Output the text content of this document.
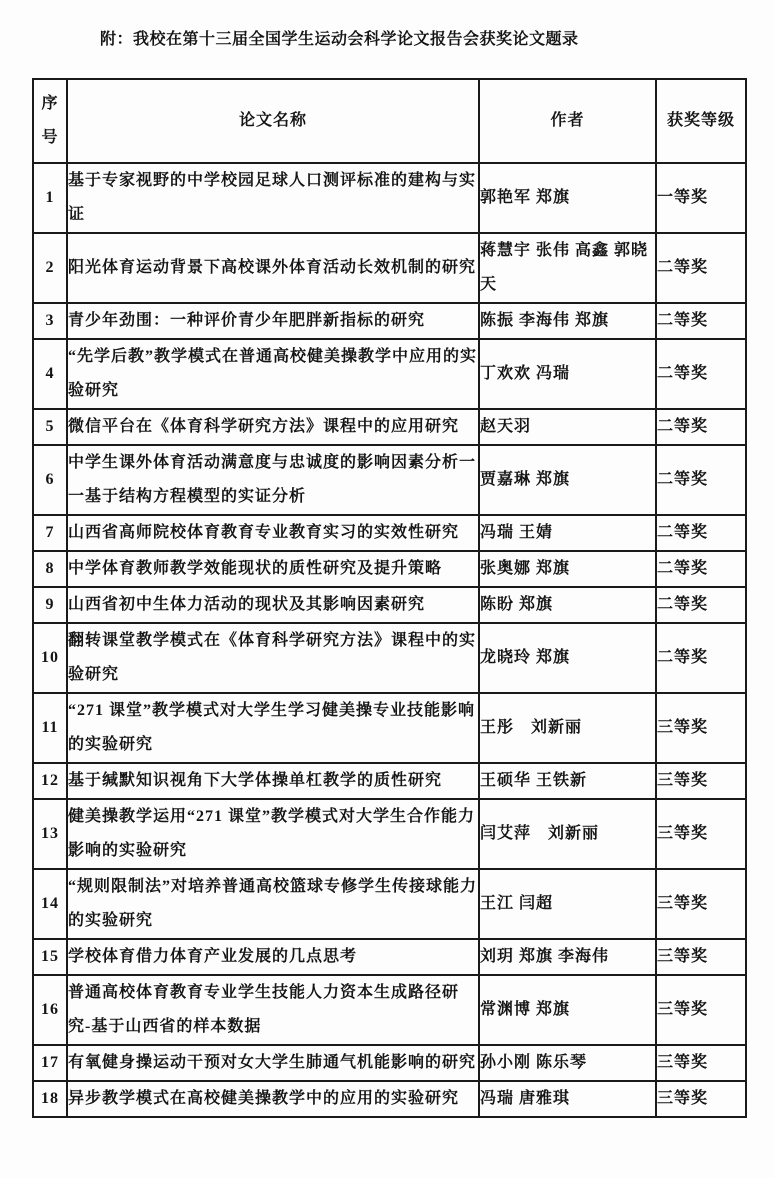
附：我校在第十三届全国学生运动会科学论文报告会获奖论文题录
序号	论文名称	作者	获奖等级
1	基于专家视野的中学校园足球人口测评标准的建构与实证	郭艳军 郑旗	一等奖
2	阳光体育运动背景下高校课外体育活动长效机制的研究	蒋慧宇 张伟 高鑫 郭晓天	二等奖
3	青少年劲围：一种评价青少年肥胖新指标的研究	陈振 李海伟 郑旗	二等奖
4	“先学后教”教学模式在普通高校健美操教学中应用的实验研究	丁欢欢 冯瑞	二等奖
5	微信平台在《体育科学研究方法》课程中的应用研究	赵天羽	二等奖
6	中学生课外体育活动满意度与忠诚度的影响因素分析一一基于结构方程模型的实证分析	贾嘉琳 郑旗	二等奖
7	山西省高师院校体育教育专业教育实习的实效性研究	冯瑞 王婧	二等奖
8	中学体育教师教学效能现状的质性研究及提升策略	张奥娜 郑旗	二等奖
9	山西省初中生体力活动的现状及其影响因素研究	陈盼 郑旗	二等奖
10	翻转课堂教学模式在《体育科学研究方法》课程中的实验研究	龙晓玲 郑旗	二等奖
11	“271 课堂”教学模式对大学生学习健美操专业技能影响的实验研究	王彤　刘新丽	三等奖
12	基于缄默知识视角下大学体操单杠教学的质性研究	王硕华 王铁新	三等奖
13	健美操教学运用“271 课堂”教学模式对大学生合作能力影响的实验研究	闫艾萍　刘新丽	三等奖
14	“规则限制法”对培养普通高校篮球专修学生传接球能力的实验研究	王江 闫超	三等奖
15	学校体育借力体育产业发展的几点思考	刘玥 郑旗 李海伟	三等奖
16	普通高校体育教育专业学生技能人力资本生成路径研究-基于山西省的样本数据	常渊博 郑旗	三等奖
17	有氧健身操运动干预对女大学生肺通气机能影响的研究	孙小刚 陈乐琴	三等奖
18	异步教学模式在高校健美操教学中的应用的实验研究	冯瑞 唐雅琪	三等奖
